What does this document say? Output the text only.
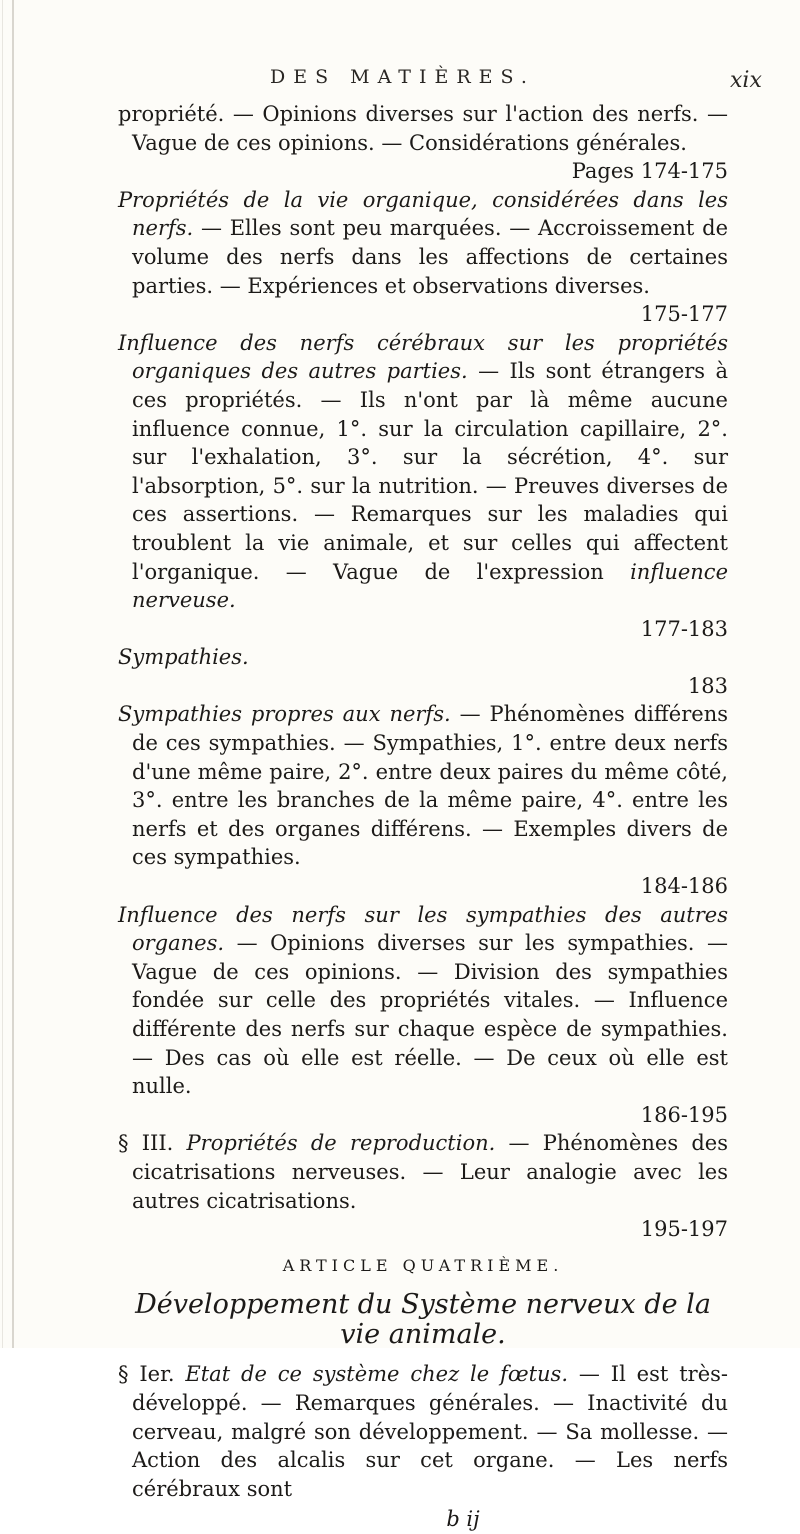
DES MATIÈRES.	xix

propriété. — Opinions diverses sur l'action des nerfs. — Vague de ces opinions. — Considérations générales.
Pages 174-175

Propriétés de la vie organique, considérées dans les nerfs. — Elles sont peu marquées. — Accroissement de volume des nerfs dans les affections de certaines parties. — Expériences et observations diverses.
175-177

Influence des nerfs cérébraux sur les propriétés organiques des autres parties. — Ils sont étrangers à ces propriétés. — Ils n'ont par là même aucune influence connue, 1°. sur la circulation capillaire, 2°. sur l'exhalation, 3°. sur la sécrétion, 4°. sur l'absorption, 5°. sur la nutrition. — Preuves diverses de ces assertions. — Remarques sur les maladies qui troublent la vie animale, et sur celles qui affectent l'organique. — Vague de l'expression influence nerveuse.
177-183

Sympathies.
183

Sympathies propres aux nerfs. — Phénomènes différens de ces sympathies. — Sympathies, 1°. entre deux nerfs d'une même paire, 2°. entre deux paires du même côté, 3°. entre les branches de la même paire, 4°. entre les nerfs et des organes différens. — Exemples divers de ces sympathies.
184-186

Influence des nerfs sur les sympathies des autres organes. — Opinions diverses sur les sympathies. — Vague de ces opinions. — Division des sympathies fondée sur celle des propriétés vitales. — Influence différente des nerfs sur chaque espèce de sympathies. — Des cas où elle est réelle. — De ceux où elle est nulle.
186-195

§ III. Propriétés de reproduction. — Phénomènes des cicatrisations nerveuses. — Leur analogie avec les autres cicatrisations.
195-197

ARTICLE QUATRIÈME.
Développement du Système nerveux de la vie animale.

§ Ier. Etat de ce système chez le fœtus. — Il est très-développé. — Remarques générales. — Inactivité du cerveau, malgré son développement. — Sa mollesse. — Action des alcalis sur cet organe. — Les nerfs cérébraux sont

b ij
